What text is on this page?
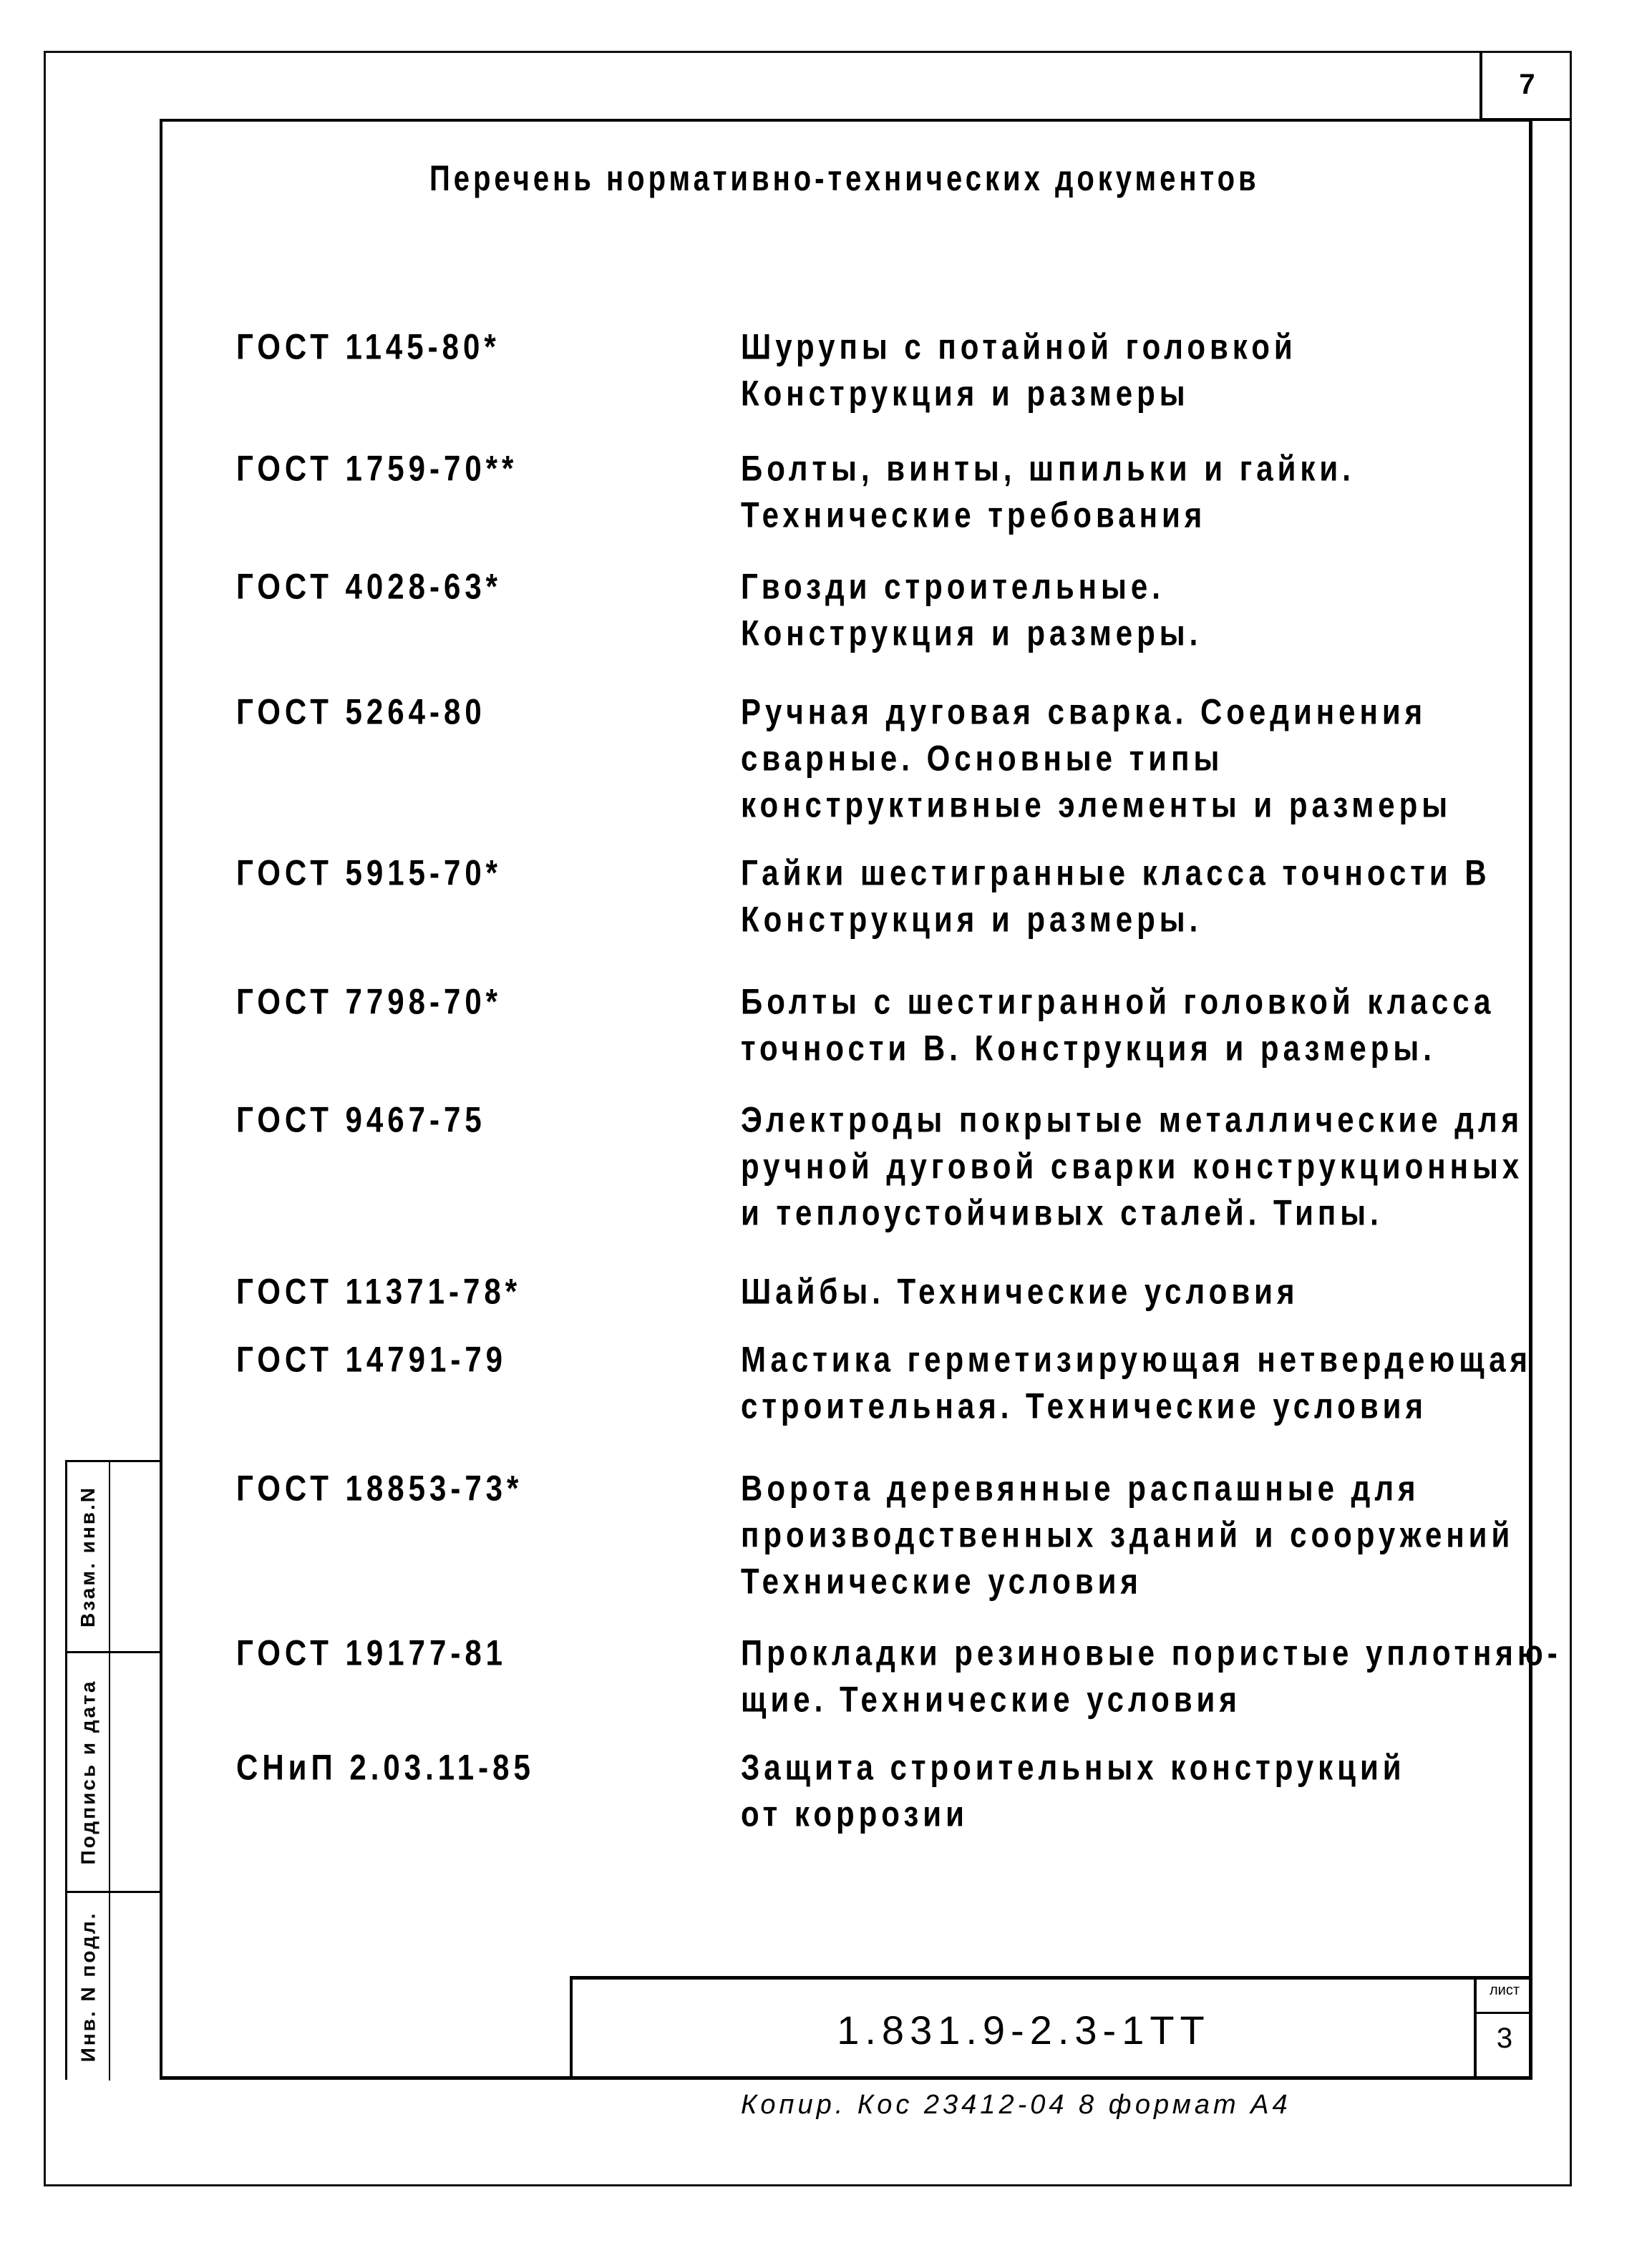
7
Перечень нормативно-технических документов
ГОСТ 1145-80*	Шурупы с потайной головкой
Конструкция и размеры
ГОСТ 1759-70**	Болты, винты, шпильки и гайки.
Технические требования
ГОСТ 4028-63*	Гвозди строительные.
Конструкция и размеры.
ГОСТ 5264-80	Ручная дуговая сварка. Соединения
сварные. Основные типы
конструктивные элементы и размеры
ГОСТ 5915-70*	Гайки шестигранные класса точности В
Конструкция и размеры.
ГОСТ 7798-70*	Болты с шестигранной головкой класса
точности В. Конструкция и размеры.
ГОСТ 9467-75	Электроды покрытые металлические для
ручной дуговой сварки конструкционных
и теплоустойчивых сталей. Типы.
ГОСТ 11371-78*	Шайбы. Технические условия
ГОСТ 14791-79	Мастика герметизирующая нетвердеющая
строительная. Технические условия
ГОСТ 18853-73*	Ворота деревянные распашные для
производственных зданий и сооружений
Технические условия
ГОСТ 19177-81	Прокладки резиновые пористые уплотняю-
щие. Технические условия
СНиП 2.03.11-85	Защита строительных конструкций
от коррозии
1.831.9-2.3-1ТТ
лист
3
Взам. инв.N
Подпись и дата
Инв. N подл.
Копир. Кос 23412-04 8 формат А4
